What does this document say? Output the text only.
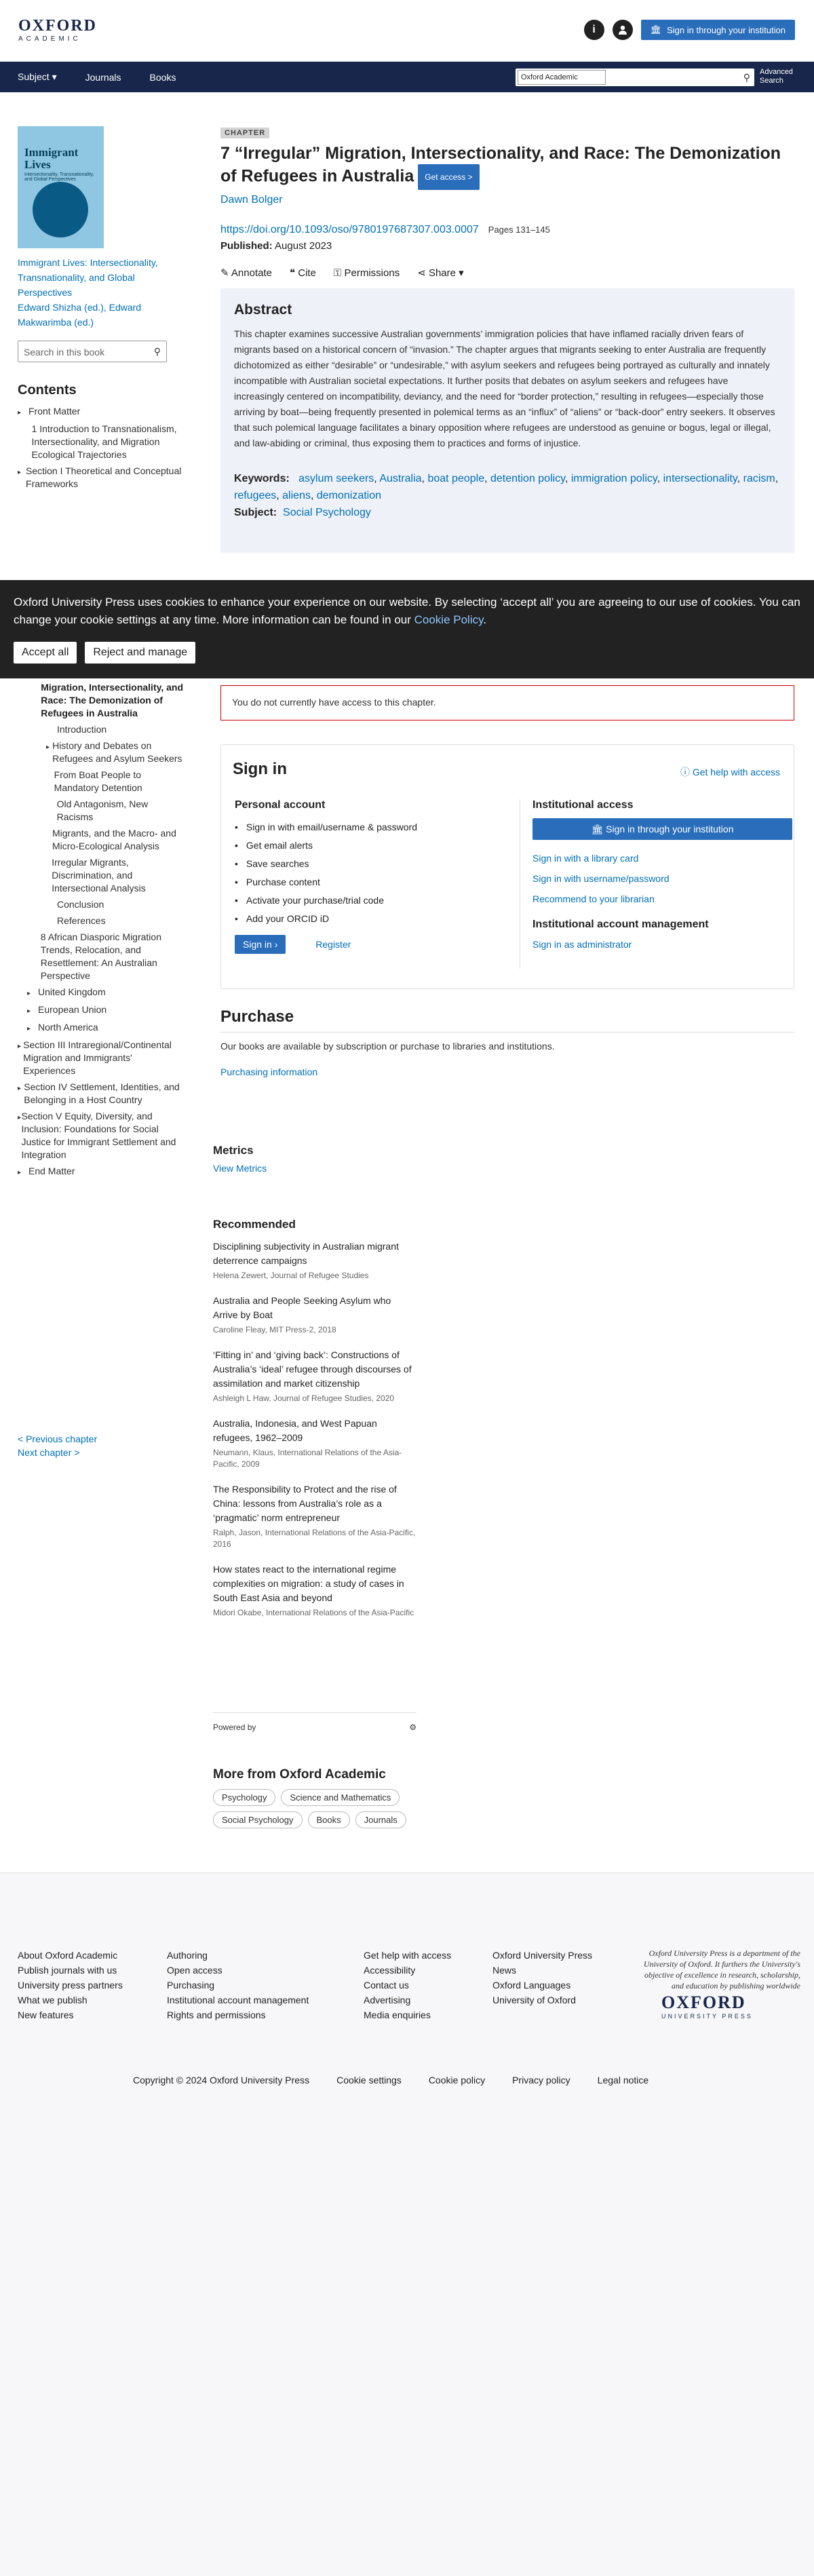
OXFORD
ACADEMIC
i	🏛 Sign in through your institution
Subject ▾	Journals	Books	Oxford Academic	⚲ Advanced Search
Immigrant Lives
Intersectionality, Transnationality, and Global Perspectives
Immigrant Lives: Intersectionality, Transnationality, and Global Perspectives
Edward Shizha (ed.), Edward Makwarimba (ed.)
Search in this book	⚲
Contents
▸ Front Matter
1 Introduction to Transnationalism, Intersectionality, and Migration Ecological Trajectories
▸ Section I Theoretical and Conceptual Frameworks
Migration, Intersectionality, and Race: The Demonization of Refugees in Australia
Introduction
▸ History and Debates on Refugees and Asylum Seekers
From Boat People to Mandatory Detention
Old Antagonism, New Racisms
Migrants, and the Macro- and Micro-Ecological Analysis
Irregular Migrants, Discrimination, and Intersectional Analysis
Conclusion
References
8 African Diasporic Migration Trends, Relocation, and Resettlement: An Australian Perspective
▸ United Kingdom
▸ European Union
▸ North America
▸ Section III Intraregional/Continental Migration and Immigrants' Experiences
▸ Section IV Settlement, Identities, and Belonging in a Host Country
▸ Section V Equity, Diversity, and Inclusion: Foundations for Social Justice for Immigrant Settlement and Integration
▸ End Matter
< Previous chapter
Next chapter >
CHAPTER
7 “Irregular” Migration, Intersectionality, and Race: The Demonization of Refugees in Australia Get access >
Dawn Bolger
https://doi.org/10.1093/oso/9780197687307.003.0007 Pages 131–145
Published: August 2023
✎ Annotate ❝ Cite ⚿ Permissions ⋖ Share ▾
Abstract

This chapter examines successive Australian governments’ immigration policies that have inflamed racially driven fears of migrants based on a historical concern of “invasion.” The chapter argues that migrants seeking to enter Australia are frequently dichotomized as either “desirable” or “undesirable,” with asylum seekers and refugees being portrayed as culturally and innately incompatible with Australian societal expectations. It further posits that debates on asylum seekers and refugees have increasingly centered on incompatibility, deviancy, and the need for “border protection,” resulting in refugees—especially those arriving by boat—being frequently presented in polemical terms as an “influx” of “aliens” or “back-door” entry seekers. It observes that such polemical language facilitates a binary opposition where refugees are understood as genuine or bogus, legal or illegal, and law-abiding or criminal, thus exposing them to practices and forms of injustice.

Keywords: asylum seekers, Australia, boat people, detention policy, immigration policy, intersectionality, racism, refugees, aliens, demonization
Subject: Social Psychology

Oxford University Press uses cookies to enhance your experience on our website. By selecting ‘accept all’ you are agreeing to our use of cookies. You can change your cookie settings at any time. More information can be found in our Cookie Policy.

Accept all	Reject and manage
You do not currently have access to this chapter.
Sign in	ⓘ Get help with access
Personal account
• Sign in with email/username & password
• Get email alerts
• Save searches
• Purchase content
• Activate your purchase/trial code
• Add your ORCID iD
Sign in ›	Register
Institutional access
🏛 Sign in through your institution
Sign in with a library card
Sign in with username/password
Recommend to your librarian
Institutional account management
Sign in as administrator
Purchase

Our books are available by subscription or purchase to libraries and institutions.

Purchasing information
Metrics
View Metrics
Recommended
Disciplining subjectivity in Australian migrant deterrence campaigns
Helena Zewert, Journal of Refugee Studies
Australia and People Seeking Asylum who Arrive by Boat
Caroline Fleay, MIT Press-2, 2018
‘Fitting in’ and ‘giving back’: Constructions of Australia’s ‘ideal’ refugee through discourses of assimilation and market citizenship
Ashleigh L Haw, Journal of Refugee Studies, 2020
Australia, Indonesia, and West Papuan refugees, 1962–2009
Neumann, Klaus, International Relations of the Asia-Pacific, 2009
The Responsibility to Protect and the rise of China: lessons from Australia’s role as a ‘pragmatic’ norm entrepreneur
Ralph, Jason, International Relations of the Asia-Pacific, 2016
How states react to the international regime complexities on migration: a study of cases in South East Asia and beyond
Midori Okabe, International Relations of the Asia-Pacific
Powered by	⚙
More from Oxford Academic
Psychology	Science and Mathematics
Social Psychology	Books	Journals
About Oxford Academic
Publish journals with us
University press partners
What we publish
New features
Authoring
Open access
Purchasing
Institutional account management
Rights and permissions
Get help with access
Accessibility
Contact us
Advertising
Media enquiries
Oxford University Press
News
Oxford Languages
University of Oxford
Oxford University Press is a department of the University of Oxford. It furthers the University's objective of excellence in research, scholarship, and education by publishing worldwide
OXFORD
UNIVERSITY PRESS
Copyright © 2024 Oxford University Press	Cookie settings	Cookie policy	Privacy policy	Legal notice
